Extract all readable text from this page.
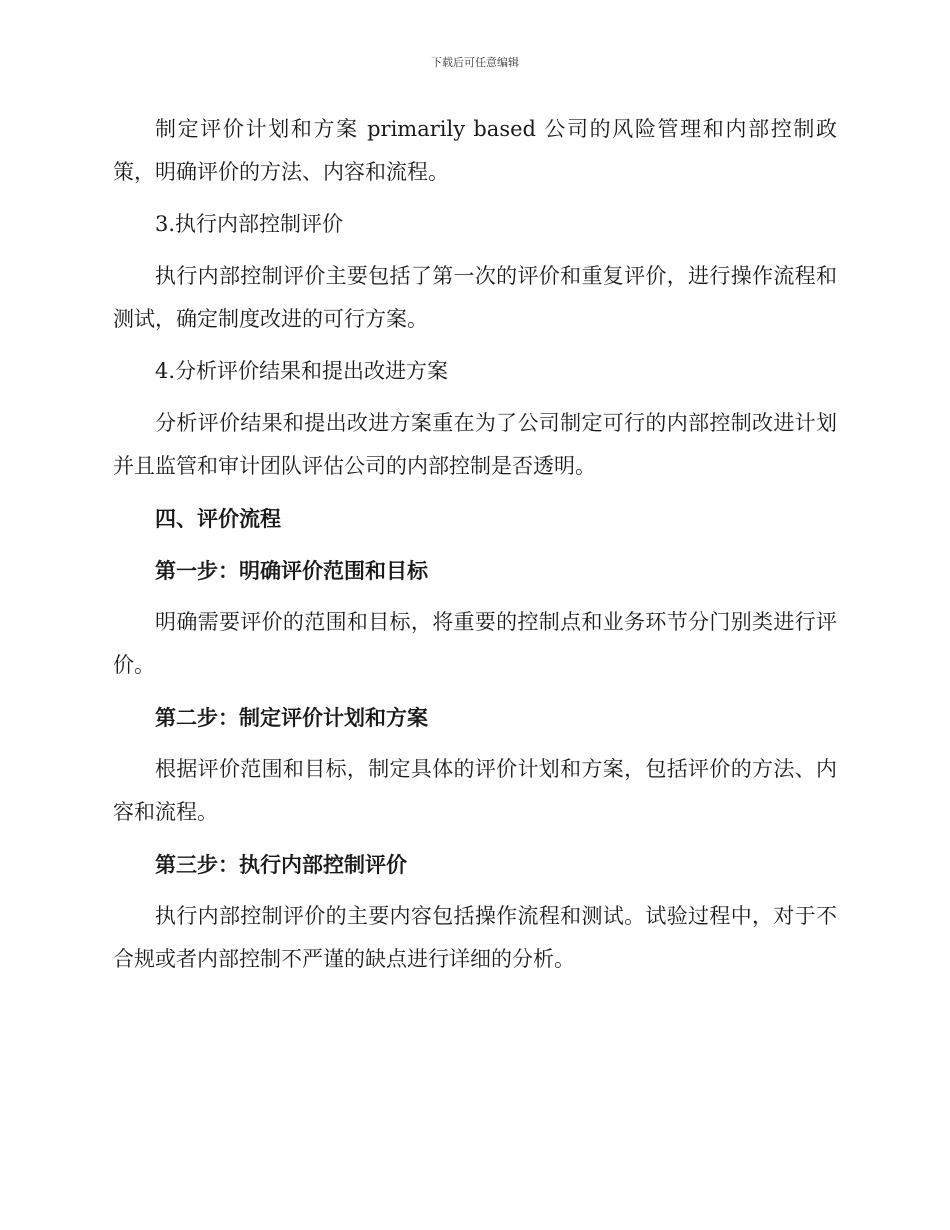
下载后可任意编辑

制定评价计划和方案 primarily based 公司的风险管理和内部控制政策，明确评价的方法、内容和流程。

3.执行内部控制评价

执行内部控制评价主要包括了第一次的评价和重复评价，进行操作流程和测试，确定制度改进的可行方案。

4.分析评价结果和提出改进方案

分析评价结果和提出改进方案重在为了公司制定可行的内部控制改进计划并且监管和审计团队评估公司的内部控制是否透明。

四、评价流程

第一步：明确评价范围和目标

明确需要评价的范围和目标，将重要的控制点和业务环节分门别类进行评价。

第二步：制定评价计划和方案

根据评价范围和目标，制定具体的评价计划和方案，包括评价的方法、内容和流程。

第三步：执行内部控制评价

执行内部控制评价的主要内容包括操作流程和测试。试验过程中，对于不合规或者内部控制不严谨的缺点进行详细的分析。
